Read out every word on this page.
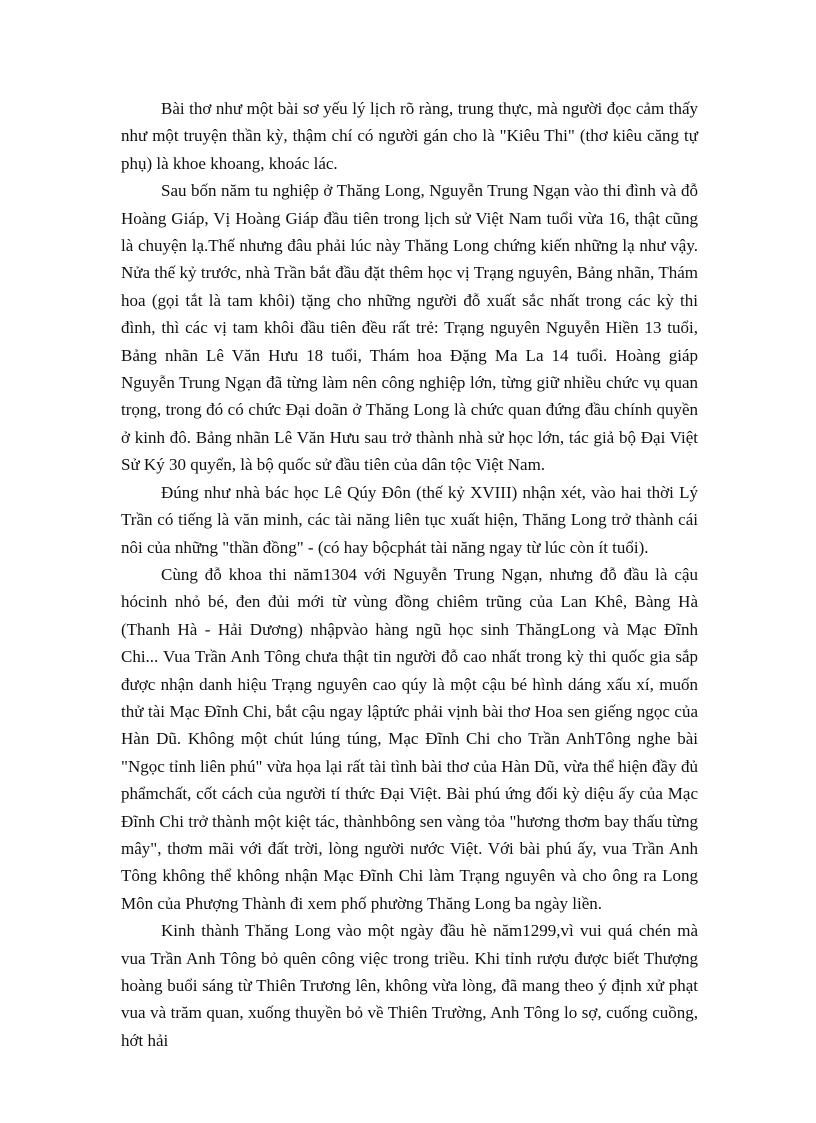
Bài thơ như một bài sơ yếu lý lịch rõ ràng, trung thực, mà người đọc cảm thấy như một truyện thần kỳ, thậm chí có người gán cho là "Kiêu Thi" (thơ kiêu căng tự phụ) là khoe khoang, khoác lác.

Sau bốn năm tu nghiệp ở Thăng Long, Nguyễn Trung Ngạn vào thi đình và đỗ Hoàng Giáp, Vị Hoàng Giáp đầu tiên trong lịch sử Việt Nam tuổi vừa 16, thật cũng là chuyện lạ.Thế nhưng đâu phải lúc này Thăng Long chứng kiến những lạ như vậy. Nửa thế kỷ trước, nhà Trần bắt đầu đặt thêm học vị Trạng nguyên, Bảng nhãn, Thám hoa (gọi tắt là tam khôi) tặng cho những người đỗ xuất sắc nhất trong các kỳ thi đình, thì các vị tam khôi đầu tiên đều rất trẻ: Trạng nguyên Nguyễn Hiền 13 tuổi, Bảng nhãn Lê Văn Hưu 18 tuổi, Thám hoa Đặng Ma La 14 tuổi. Hoàng giáp Nguyễn Trung Ngạn đã từng làm nên công nghiệp lớn, từng giữ nhiều chức vụ quan trọng, trong đó có chức Đại doãn ở Thăng Long là chức quan đứng đầu chính quyền ở kinh đô. Bảng nhãn Lê Văn Hưu sau trở thành nhà sử học lớn, tác giả bộ Đại Việt Sử Ký 30 quyển, là bộ quốc sử đầu tiên của dân tộc Việt Nam.

Đúng như nhà bác học Lê Qúy Đôn (thế kỷ XVIII) nhận xét, vào hai thời Lý Trần có tiếng là văn minh, các tài năng liên tục xuất hiện, Thăng Long trở thành cái nôi của những "thần đồng" - (có hay bộcphát tài năng ngay từ lúc còn ít tuổi).

Cùng đỗ khoa thi năm1304 với Nguyễn Trung Ngạn, nhưng đỗ đầu là cậu hócinh nhỏ bé, đen đủi mới từ vùng đồng chiêm trũng của Lan Khê, Bàng Hà (Thanh Hà - Hải Dương) nhậpvào hàng ngũ học sinh ThăngLong và Mạc Đĩnh Chi... Vua Trần Anh Tông chưa thật tin người đỗ cao nhất trong kỳ thi quốc gia sắp được nhận danh hiệu Trạng nguyên cao qúy là một cậu bé hình dáng xấu xí, muốn thử tài Mạc Đĩnh Chi, bắt cậu ngay lậptức phải vịnh bài thơ Hoa sen giếng ngọc của Hàn Dũ. Không một chút lúng túng, Mạc Đĩnh Chi cho Trần AnhTông nghe bài "Ngọc tỉnh liên phú" vừa họa lại rất tài tình bài thơ của Hàn Dũ, vừa thể hiện đầy đủ phẩmchất, cốt cách của người tí thức Đại Việt. Bài phú ứng đối kỳ diệu ấy của Mạc Đĩnh Chi trở thành một kiệt tác, thànhbông sen vàng tỏa "hương thơm bay thấu từng mây", thơm mãi với đất trời, lòng người nước Việt. Với bài phú ấy, vua Trần Anh Tông không thể không nhận Mạc Đĩnh Chi làm Trạng nguyên và cho ông ra Long Môn của Phượng Thành đi xem phố phường Thăng Long ba ngày liền.

Kinh thành Thăng Long vào một ngày đầu hè năm1299,vì vui quá chén mà vua Trần Anh Tông bỏ quên công việc trong triều. Khi tỉnh rượu được biết Thượng hoàng buổi sáng từ Thiên Trương lên, không vừa lòng, đã mang theo ý định xử phạt vua và trăm quan, xuống thuyền bỏ về Thiên Trường, Anh Tông lo sợ, cuống cuồng, hớt hải
